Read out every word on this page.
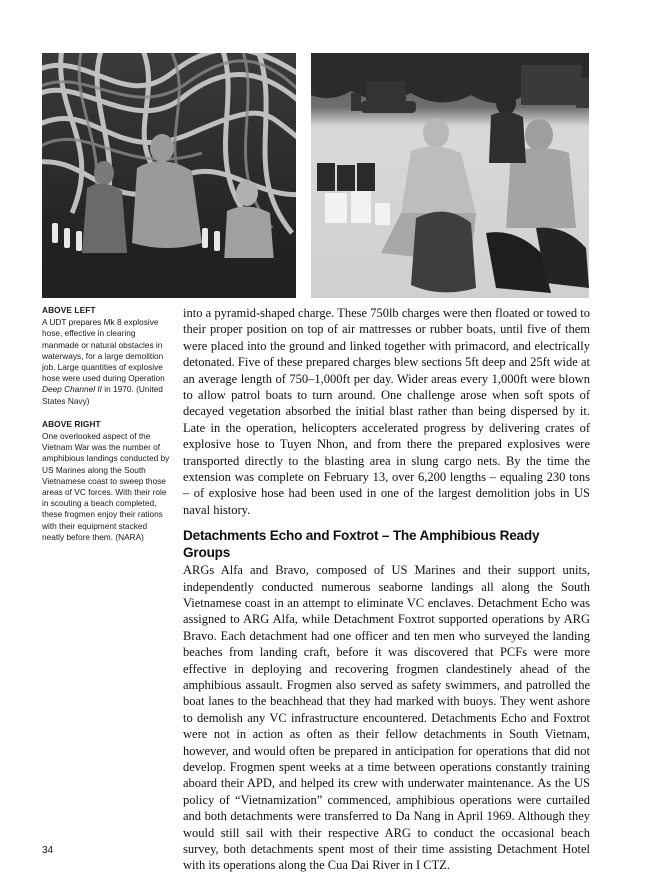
ABOVE LEFT
A UDT prepares Mk 8 explosive hose, effective in clearing manmade or natural obstacles in waterways, for a large demolition job. Large quantities of explosive hose were used during Operation Deep Channel II in 1970. (United States Navy)
ABOVE RIGHT
One overlooked aspect of the Vietnam War was the number of amphibious landings conducted by US Marines along the South Vietnamese coast to sweep those areas of VC forces. With their role in scouting a beach completed, these frogmen enjoy their rations with their equipment stacked neatly before them. (NARA)

into a pyramid-shaped charge. These 750lb charges were then floated or towed to their proper position on top of air mattresses or rubber boats, until five of them were placed into the ground and linked together with primacord, and electrically detonated. Five of these prepared charges blew sections 5ft deep and 25ft wide at an average length of 750–1,000ft per day. Wider areas every 1,000ft were blown to allow patrol boats to turn around. One challenge arose when soft spots of decayed vegetation absorbed the initial blast rather than being dispersed by it. Late in the operation, helicopters accelerated progress by delivering crates of explosive hose to Tuyen Nhon, and from there the prepared explosives were transported directly to the blasting area in slung cargo nets. By the time the extension was complete on February 13, over 6,200 lengths – equaling 230 tons – of explosive hose had been used in one of the largest demolition jobs in US naval history.

Detachments Echo and Foxtrot – The Amphibious Ready Groups

ARGs Alfa and Bravo, composed of US Marines and their support units, independently conducted numerous seaborne landings all along the South Vietnamese coast in an attempt to eliminate VC enclaves. Detachment Echo was assigned to ARG Alfa, while Detachment Foxtrot supported operations by ARG Bravo. Each detachment had one officer and ten men who surveyed the landing beaches from landing craft, before it was discovered that PCFs were more effective in deploying and recovering frogmen clandestinely ahead of the amphibious assault. Frogmen also served as safety swimmers, and patrolled the boat lanes to the beachhead that they had marked with buoys. They went ashore to demolish any VC infrastructure encountered. Detachments Echo and Foxtrot were not in action as often as their fellow detachments in South Vietnam, however, and would often be prepared in anticipation for operations that did not develop. Frogmen spent weeks at a time between operations constantly training aboard their APD, and helped its crew with underwater maintenance. As the US policy of “Vietnamization” commenced, amphibious operations were curtailed and both detachments were transferred to Da Nang in April 1969. Although they would still sail with their respective ARG to conduct the occasional beach survey, both detachments spent most of their time assisting Detachment Hotel with its operations along the Cua Dai River in I CTZ.

34
